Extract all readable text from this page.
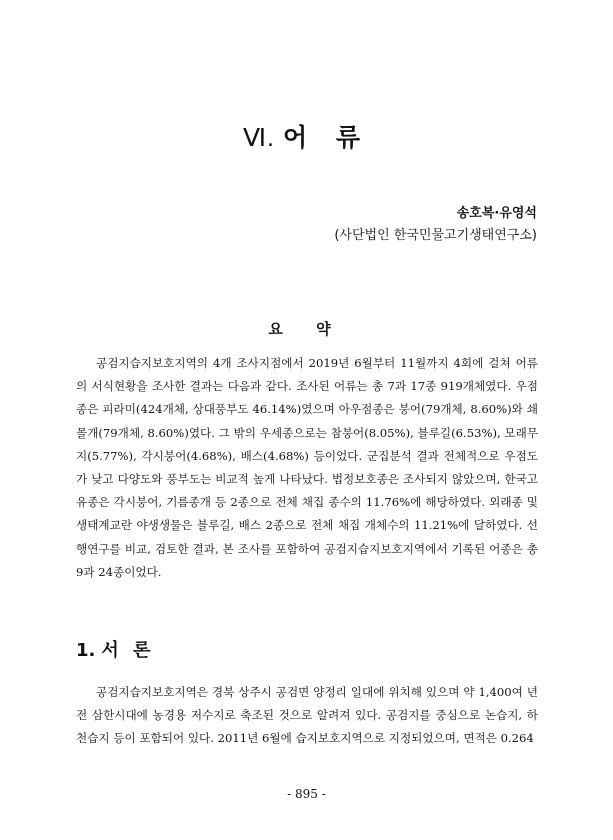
Ⅵ. 어 류
송호복·유영석
(사단법인 한국민물고기생태연구소)
요 약

공검지습지보호지역의 4개 조사지점에서 2019년 6월부터 11월까지 4회에 걸쳐 어류의 서식현황을 조사한 결과는 다음과 같다. 조사된 어류는 총 7과 17종 919개체였다. 우점종은 피라미(424개체, 상대풍부도 46.14%)였으며 아우점종은 붕어(79개체, 8.60%)와 쇄몰개(79개체, 8.60%)였다. 그 밖의 우세종으로는 참붕어(8.05%), 블루길(6.53%), 모래무지(5.77%), 각시붕어(4.68%), 배스(4.68%) 등이었다. 군집분석 결과 전체적으로 우점도가 낮고 다양도와 풍부도는 비교적 높게 나타났다. 법정보호종은 조사되지 않았으며, 한국고유종은 각시붕어, 기름종개 등 2종으로 전체 채집 종수의 11.76%에 해당하였다. 외래종 및 생태계교란 야생생물은 블루길, 배스 2종으로 전체 채집 개체수의 11.21%에 달하였다. 선행연구를 비교, 검토한 결과, 본 조사를 포함하여 공검지습지보호지역에서 기록된 어종은 총 9과 24종이었다.

1. 서 론

공검지습지보호지역은 경북 상주시 공검면 양정리 일대에 위치해 있으며 약 1,400여 년 전 삼한시대에 농경용 저수지로 축조된 것으로 알려져 있다. 공검지를 중심으로 논습지, 하천습지 등이 포함되어 있다. 2011년 6월에 습지보호지역으로 지정되었으며, 면적은 0.264

- 895 -
